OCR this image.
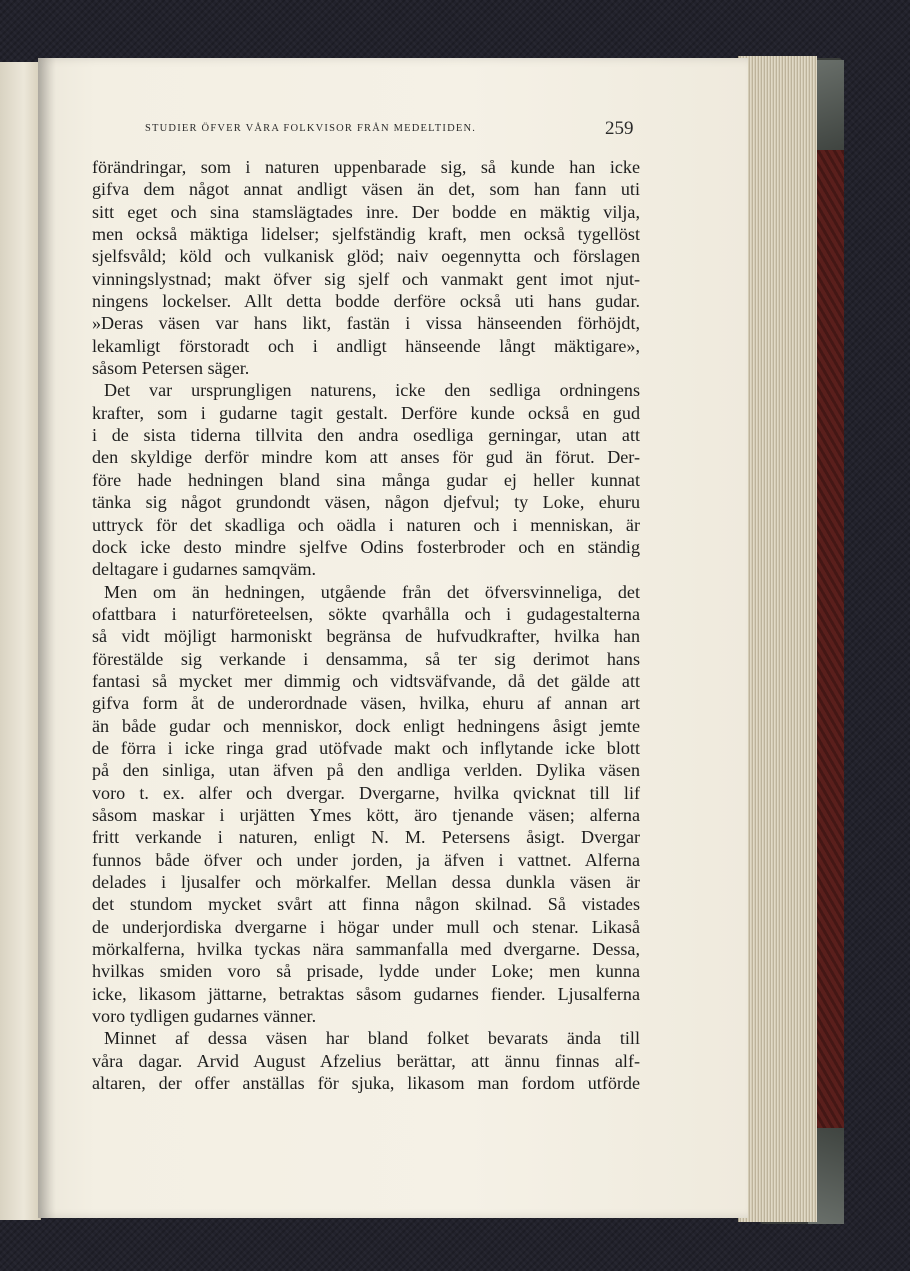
STUDIER ÖFVER VÅRA FOLKVISOR FRÅN MEDELTIDEN.	259
förändringar, som i naturen uppenbarade sig, så kunde han icke
gifva dem något annat andligt väsen än det, som han fann uti
sitt eget och sina stamslägtades inre. Der bodde en mäktig vilja,
men också mäktiga lidelser; sjelfständig kraft, men också tygellöst
sjelfsvåld; köld och vulkanisk glöd; naiv oegennytta och förslagen
vinningslystnad; makt öfver sig sjelf och vanmakt gent imot njut-
ningens lockelser. Allt detta bodde derföre också uti hans gudar.
»Deras väsen var hans likt, fastän i vissa hänseenden förhöjdt,
lekamligt förstoradt och i andligt hänseende långt mäktigare»,
såsom Petersen säger.
Det var ursprungligen naturens, icke den sedliga ordningens
krafter, som i gudarne tagit gestalt. Derföre kunde också en gud
i de sista tiderna tillvita den andra osedliga gerningar, utan att
den skyldige derför mindre kom att anses för gud än förut. Der-
före hade hedningen bland sina många gudar ej heller kunnat
tänka sig något grundondt väsen, någon djefvul; ty Loke, ehuru
uttryck för det skadliga och oädla i naturen och i menniskan, är
dock icke desto mindre sjelfve Odins fosterbroder och en ständig
deltagare i gudarnes samqväm.
Men om än hedningen, utgående från det öfversvinneliga, det
ofattbara i naturföreteelsen, sökte qvarhålla och i gudagestalterna
så vidt möjligt harmoniskt begränsa de hufvudkrafter, hvilka han
förestälde sig verkande i densamma, så ter sig derimot hans
fantasi så mycket mer dimmig och vidtsväfvande, då det gälde att
gifva form åt de underordnade väsen, hvilka, ehuru af annan art
än både gudar och menniskor, dock enligt hedningens åsigt jemte
de förra i icke ringa grad utöfvade makt och inflytande icke blott
på den sinliga, utan äfven på den andliga verlden. Dylika väsen
voro t. ex. alfer och dvergar. Dvergarne, hvilka qvicknat till lif
såsom maskar i urjätten Ymes kött, äro tjenande väsen; alferna
fritt verkande i naturen, enligt N. M. Petersens åsigt. Dvergar
funnos både öfver och under jorden, ja äfven i vattnet. Alferna
delades i ljusalfer och mörkalfer. Mellan dessa dunkla väsen är
det stundom mycket svårt att finna någon skilnad. Så vistades
de underjordiska dvergarne i högar under mull och stenar. Likaså
mörkalferna, hvilka tyckas nära sammanfalla med dvergarne. Dessa,
hvilkas smiden voro så prisade, lydde under Loke; men kunna
icke, likasom jättarne, betraktas såsom gudarnes fiender. Ljusalferna
voro tydligen gudarnes vänner.
Minnet af dessa väsen har bland folket bevarats ända till
våra dagar. Arvid August Afzelius berättar, att ännu finnas alf-
altaren, der offer anställas för sjuka, likasom man fordom utförde
